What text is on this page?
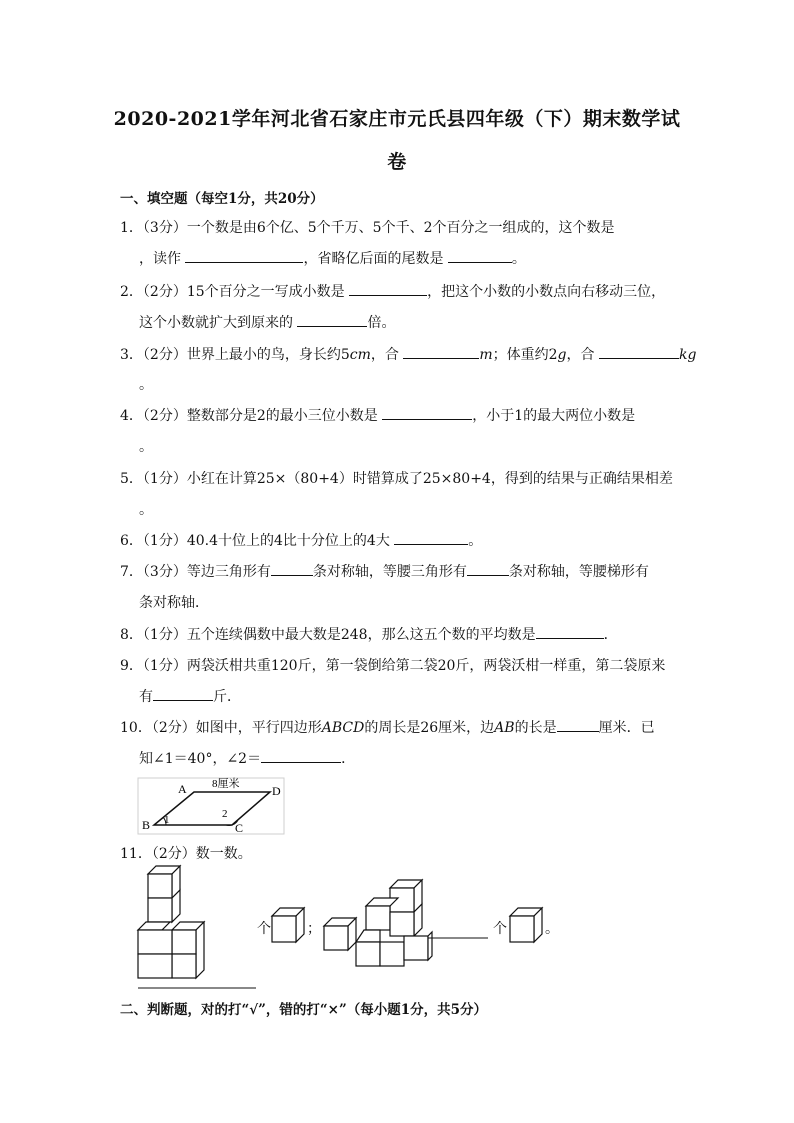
2020-2021学年河北省石家庄市元氏县四年级（下）期末数学试
卷
一、填空题（每空1分，共20分）
1．（3分）一个数是由6个亿、5个千万、5个千、2个百分之一组成的，这个数是
，读作	，省略亿后面的尾数是	。
2．（2分）15个百分之一写成小数是	，把这个小数的小数点向右移动三位，
这个小数就扩大到原来的	倍。
3．（2分）世界上最小的鸟，身长约5cm，合	m；体重约2g，合	kg
。
4．（2分）整数部分是2的最小三位小数是	，小于1的最大两位小数是
。
5．（1分）小红在计算25×（80+4）时错算成了25×80+4，得到的结果与正确结果相差
。
6．（1分）40.4十位上的4比十分位上的4大	。
7．（3分）等边三角形有	条对称轴，等腰三角形有	条对称轴，等腰梯形有
条对称轴．
8．（1分）五个连续偶数中最大数是248，那么这五个数的平均数是	．
9．（1分）两袋沃柑共重120斤，第一袋倒给第二袋20斤，两袋沃柑一样重，第二袋原来
有	斤．
10．（2分）如图中，平行四边形ABCD的周长是26厘米，边AB的长是	厘米．已
知∠1＝40°，∠2＝	．
A
B	C
D
8厘米
1	2
11．（2分）数一数。
个	；	个	。
二、判断题，对的打“√”，错的打“×”（每小题1分，共5分）
